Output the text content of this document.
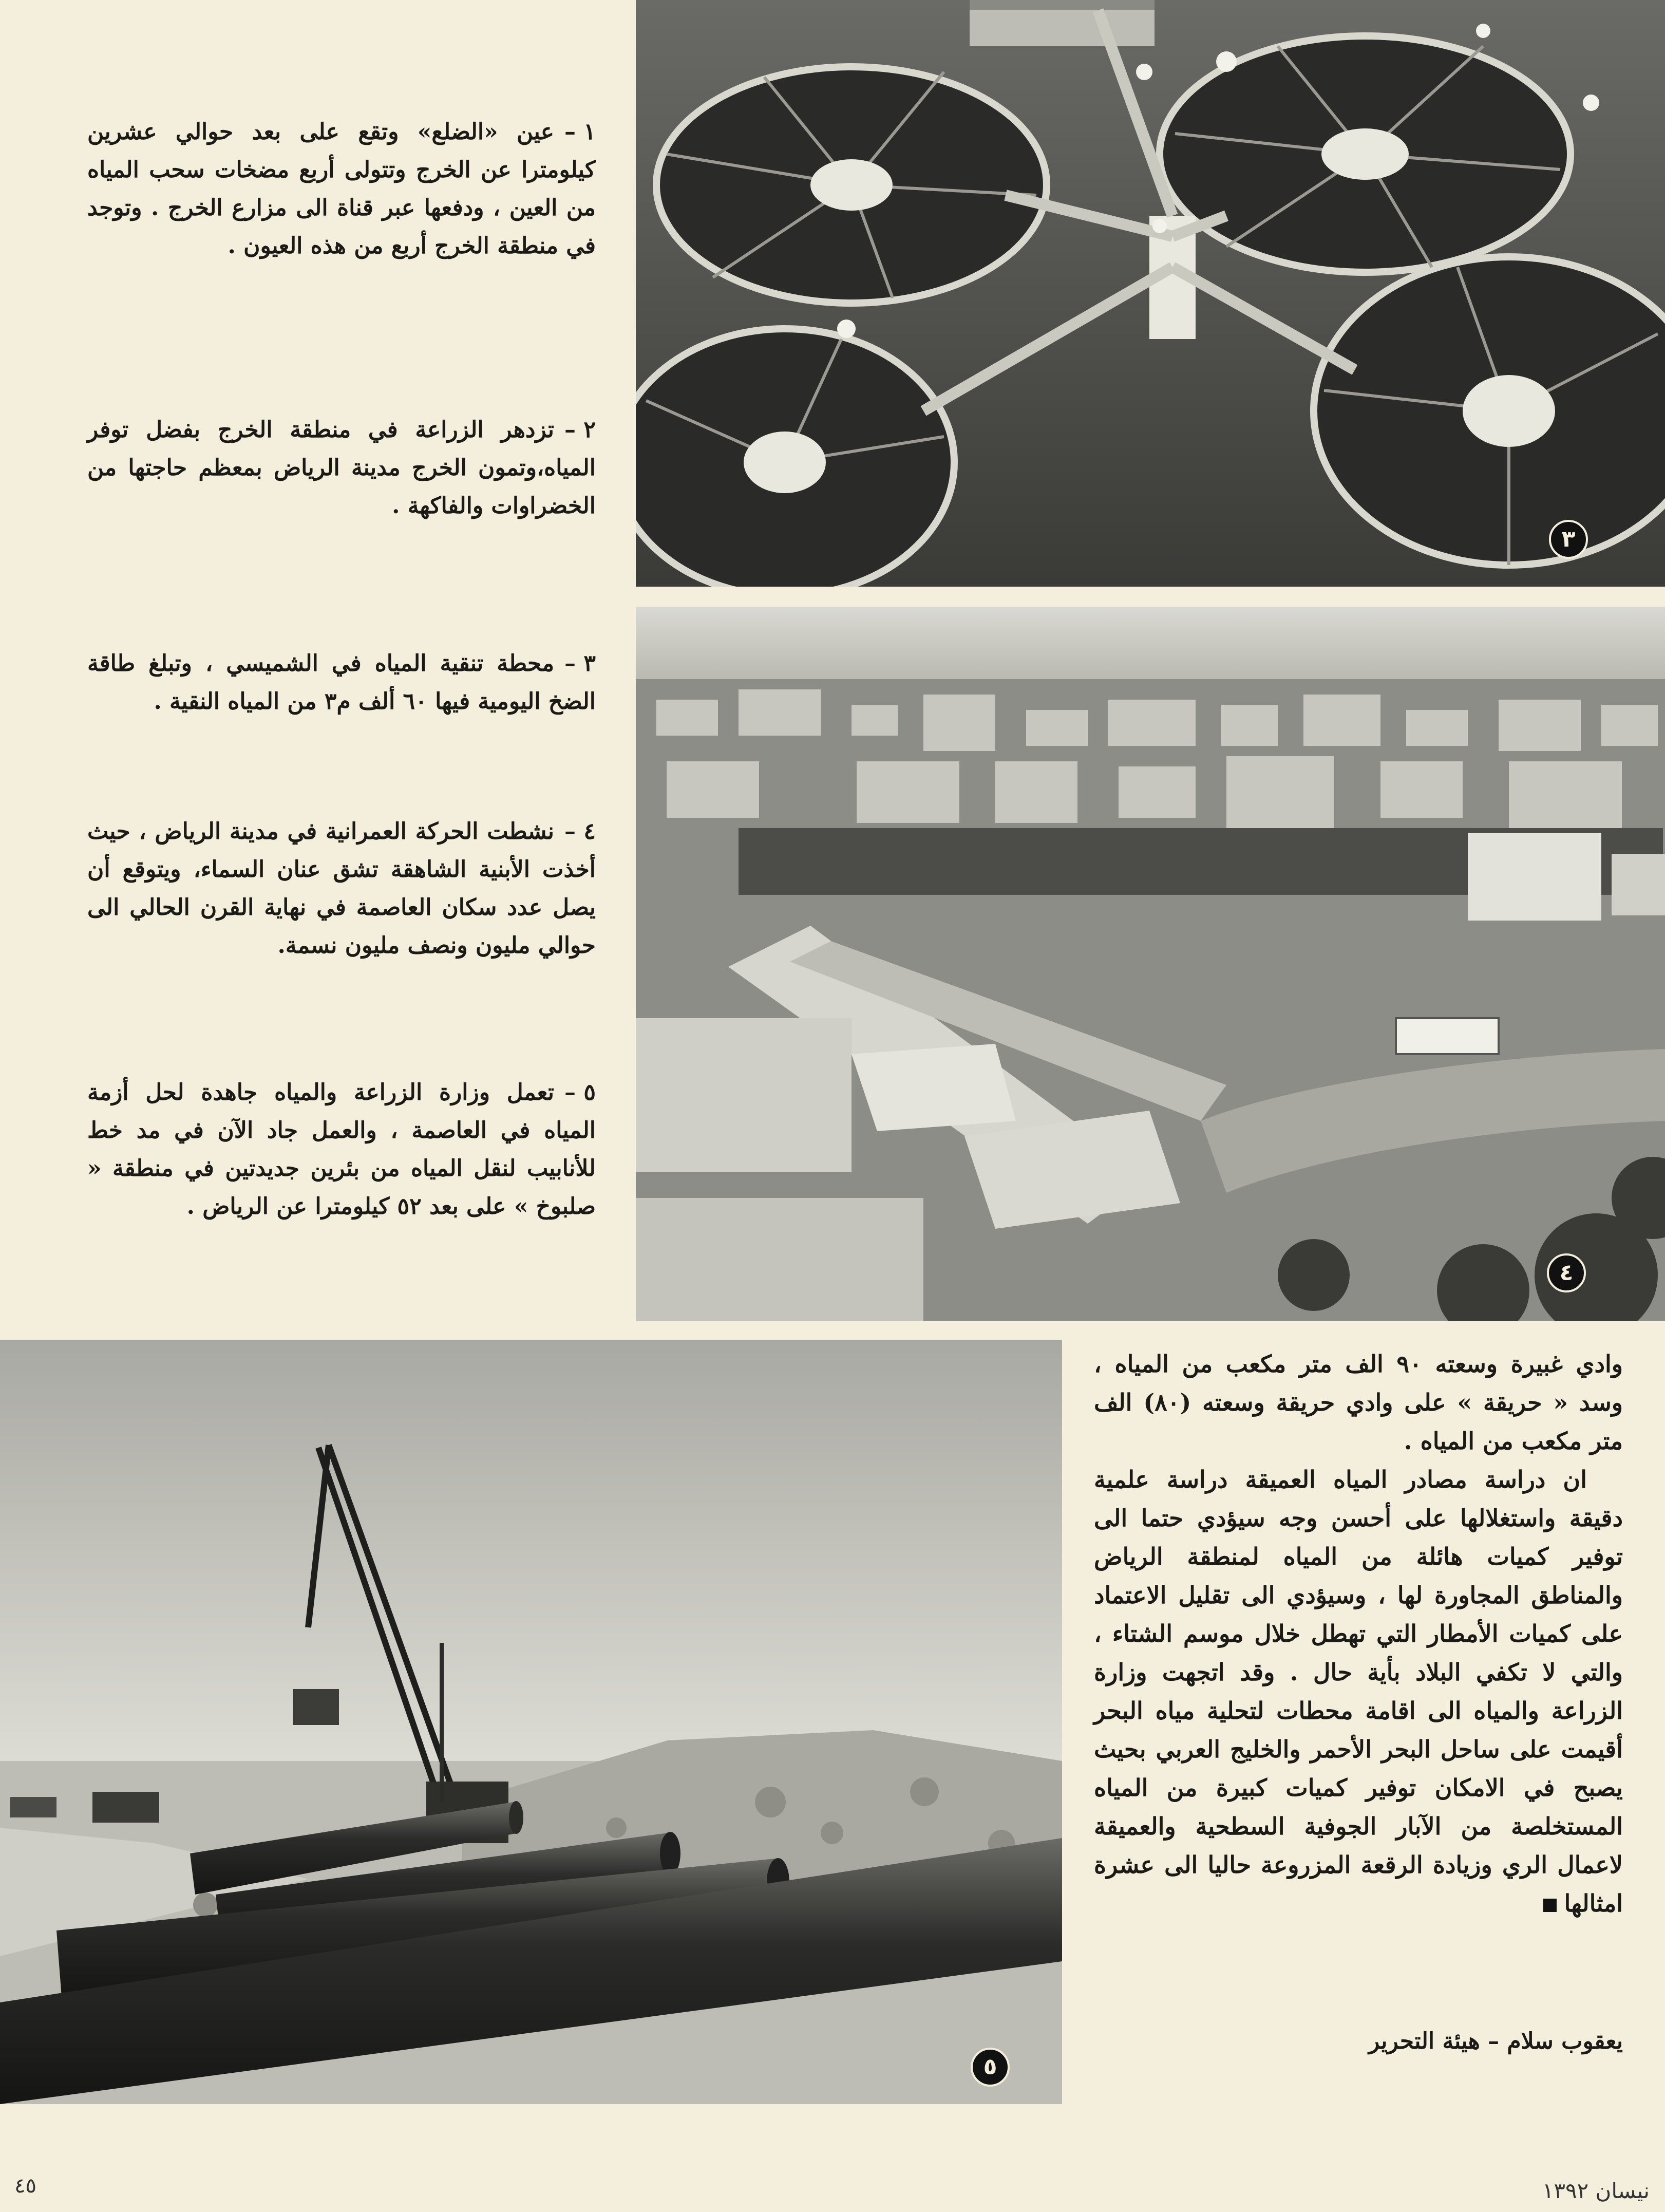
١ –عين «الضلع» وتقع على بعد حوالي عشرين كيلومترا عن الخرج وتتولى أربع مضخات سحب المياه من العين ، ودفعها عبر قناة الى مزارع الخرج . وتوجد في منطقة الخرج أربع من هذه العيون .
٢ –تزدهر الزراعة في منطقة الخرج بفضل توفر المياه،وتمون الخرج مدينة الرياض بمعظم حاجتها من الخضراوات والفاكهة .
٣ –محطة تنقية المياه في الشميسي ، وتبلغ طاقة الضخ اليومية فيها ٦٠ ألف م٣ من المياه النقية .
٤ –نشطت الحركة العمرانية في مدينة الرياض ، حيث أخذت الأبنية الشاهقة تشق عنان السماء، ويتوقع أن يصل عدد سكان العاصمة في نهاية القرن الحالي الى حوالي مليون ونصف مليون نسمة.
٥ –تعمل وزارة الزراعة والمياه جاهدة لحل أزمة المياه في العاصمة ، والعمل جاد الآن في مد خط للأنابيب لنقل المياه من بئرين جديدتين في منطقة « صلبوخ » على بعد ٥٢ كيلومترا عن الرياض .
٣
٤
٥

وادي غبيرة وسعته ٩٠ الف متر مكعب من المياه ، وسد « حريقة » على وادي حريقة وسعته (٨٠) الف متر مكعب من المياه .

ان دراسة مصادر المياه العميقة دراسة علمية دقيقة واستغلالها على أحسن وجه سيؤدي حتما الى توفير كميات هائلة من المياه لمنطقة الرياض والمناطق المجاورة لها ، وسيؤدي الى تقليل الاعتماد على كميات الأمطار التي تهطل خلال موسم الشتاء ، والتي لا تكفي البلاد بأية حال . وقد اتجهت وزارة الزراعة والمياه الى اقامة محطات لتحلية مياه البحر أقيمت على ساحل البحر الأحمر والخليج العربي بحيث يصبح في الامكان توفير كميات كبيرة من المياه المستخلصة من الآبار الجوفية السطحية والعميقة لاعمال الري وزيادة الرقعة المزروعة حاليا الى عشرة امثالها

يعقوب سلام – هيئة التحرير
نيسان ١٣٩٢
٤٥
